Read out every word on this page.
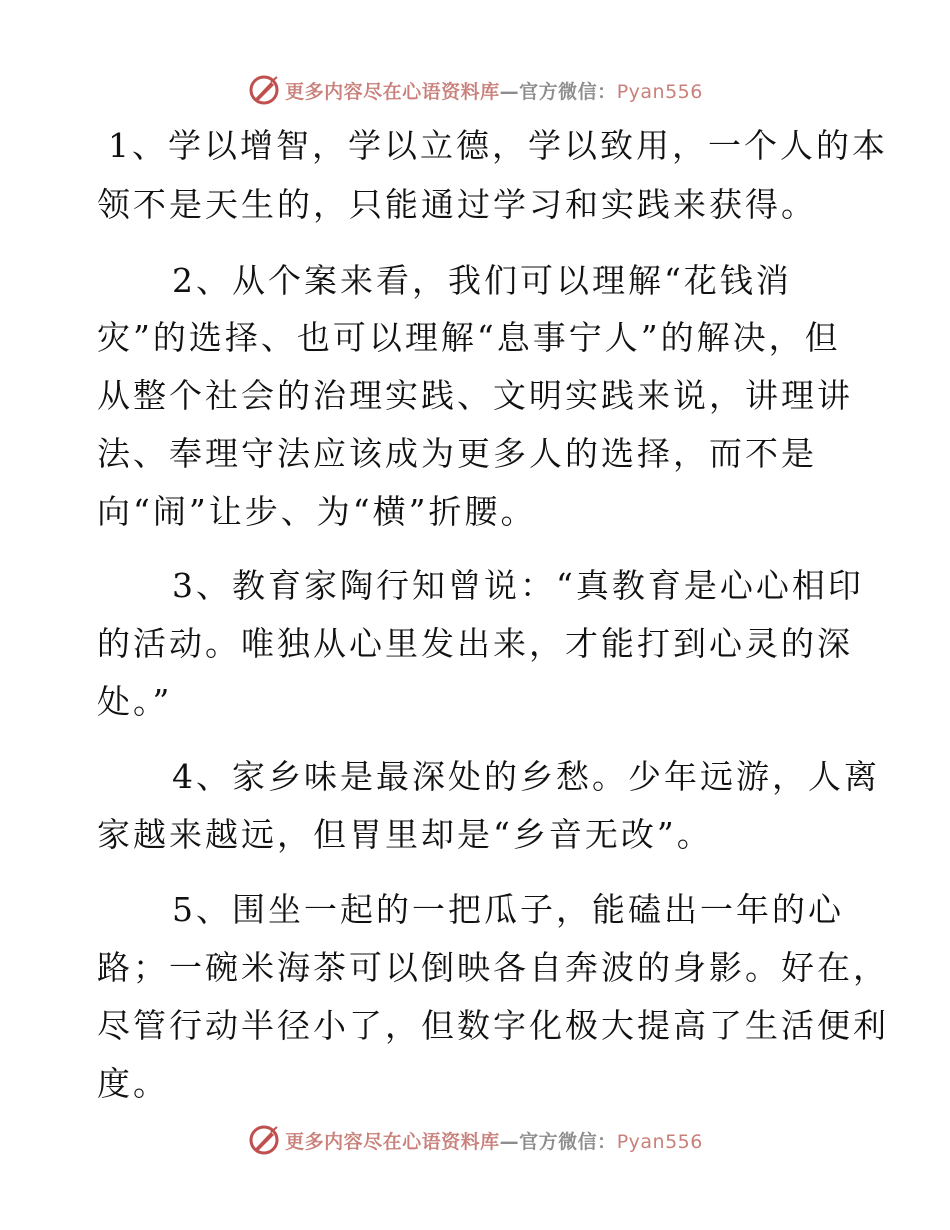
更多内容尽在心语资料库—官方微信：Pyan556

1、学以增智，学以立德，学以致用，一个人的本

领不是天生的，只能通过学习和实践来获得。

2、从个案来看，我们可以理解“花钱消

灾”的选择、也可以理解“息事宁人”的解决，但

从整个社会的治理实践、文明实践来说，讲理讲

法、奉理守法应该成为更多人的选择，而不是

向“闹”让步、为“横”折腰。

3、教育家陶行知曾说：“真教育是心心相印

的活动。唯独从心里发出来，才能打到心灵的深

处。”

4、家乡味是最深处的乡愁。少年远游，人离

家越来越远，但胃里却是“乡音无改”。

5、围坐一起的一把瓜子，能磕出一年的心

路；一碗米海茶可以倒映各自奔波的身影。好在，

尽管行动半径小了，但数字化极大提高了生活便利

度。

更多内容尽在心语资料库—官方微信：Pyan556
